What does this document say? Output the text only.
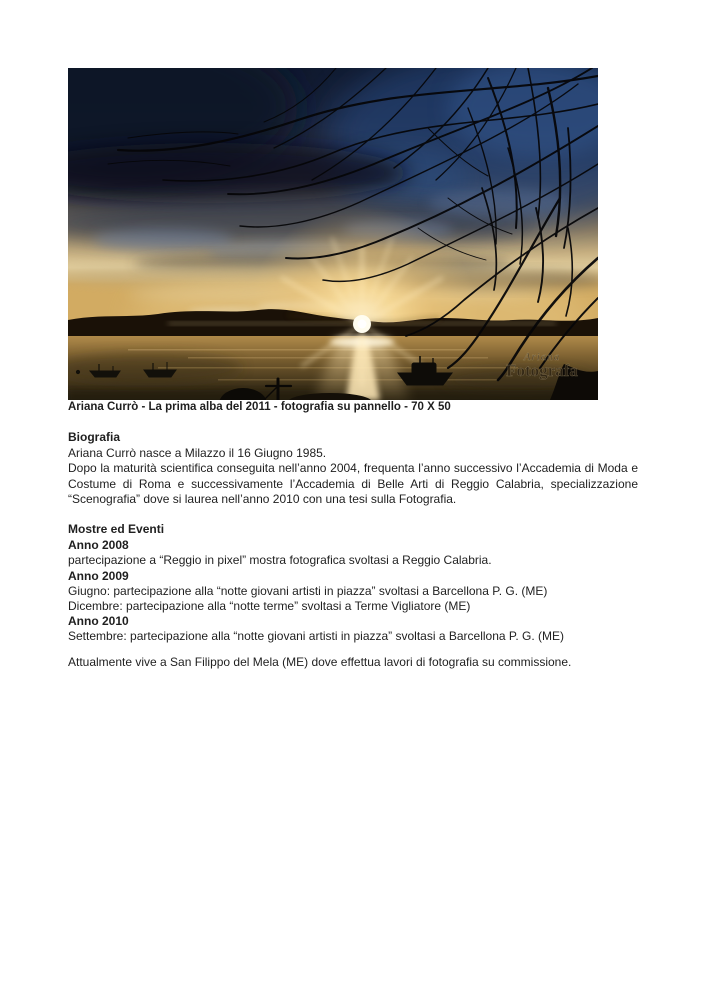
Ariana
Fotografa

Ariana Currò - La prima alba del 2011 - fotografia su pannello - 70 X 50

Biografia

Ariana Currò nasce a Milazzo il 16 Giugno 1985.

Dopo la maturità scientifica conseguita nell’anno 2004, frequenta l’anno successivo l’Accademia di Moda e Costume di Roma e successivamente l’Accademia di Belle Arti di Reggio Calabria, specializzazione “Scenografia” dove si laurea nell’anno 2010 con una tesi sulla Fotografia.

Mostre ed Eventi

Anno 2008

partecipazione a “Reggio in pixel” mostra fotografica svoltasi a Reggio Calabria.

Anno 2009

Giugno: partecipazione alla “notte giovani artisti in piazza” svoltasi a Barcellona P. G. (ME)

Dicembre: partecipazione alla “notte terme” svoltasi a Terme Vigliatore (ME)

Anno 2010

Settembre: partecipazione alla “notte giovani artisti in piazza” svoltasi a Barcellona P. G. (ME)

Attualmente vive a San Filippo del Mela (ME) dove effettua lavori di fotografia su commissione.
